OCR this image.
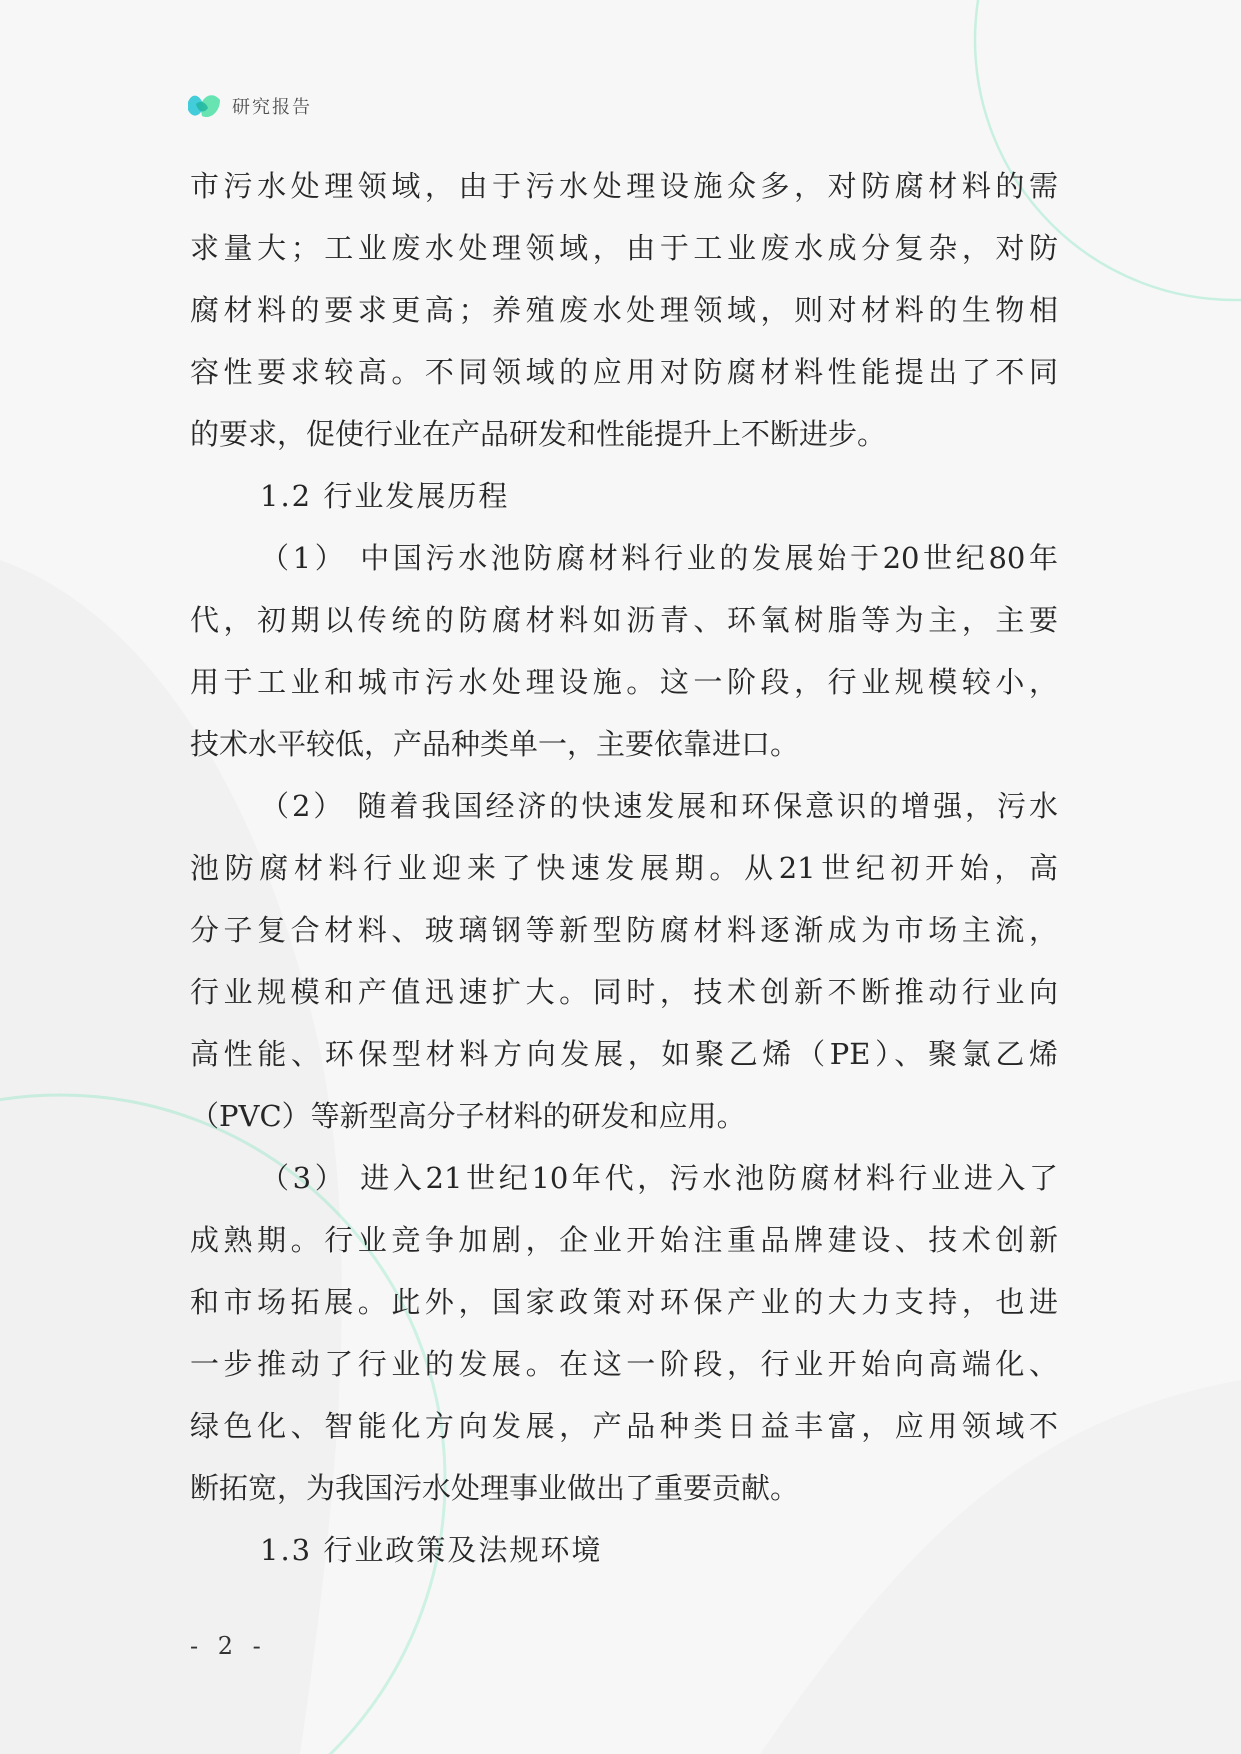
研究报告
市污水处理领域，由于污水处理设施众多，对防腐材料的需
求量大；工业废水处理领域，由于工业废水成分复杂，对防
腐材料的要求更高；养殖废水处理领域，则对材料的生物相
容性要求较高。不同领域的应用对防腐材料性能提出了不同
的要求，促使行业在产品研发和性能提升上不断进步。
1.2 行业发展历程
（1） 中国污水池防腐材料行业的发展始于20世纪80年
代，初期以传统的防腐材料如沥青、环氧树脂等为主，主要
用于工业和城市污水处理设施。这一阶段，行业规模较小，
技术水平较低，产品种类单一，主要依靠进口。
（2） 随着我国经济的快速发展和环保意识的增强，污水
池防腐材料行业迎来了快速发展期。从21世纪初开始，高
分子复合材料、玻璃钢等新型防腐材料逐渐成为市场主流，
行业规模和产值迅速扩大。同时，技术创新不断推动行业向
高性能、环保型材料方向发展，如聚乙烯（PE）、聚氯乙烯
（PVC）等新型高分子材料的研发和应用。
（3） 进入21世纪10年代，污水池防腐材料行业进入了
成熟期。行业竞争加剧，企业开始注重品牌建设、技术创新
和市场拓展。此外，国家政策对环保产业的大力支持，也进
一步推动了行业的发展。在这一阶段，行业开始向高端化、
绿色化、智能化方向发展，产品种类日益丰富，应用领域不
断拓宽，为我国污水处理事业做出了重要贡献。
1.3 行业政策及法规环境
- 2 -
